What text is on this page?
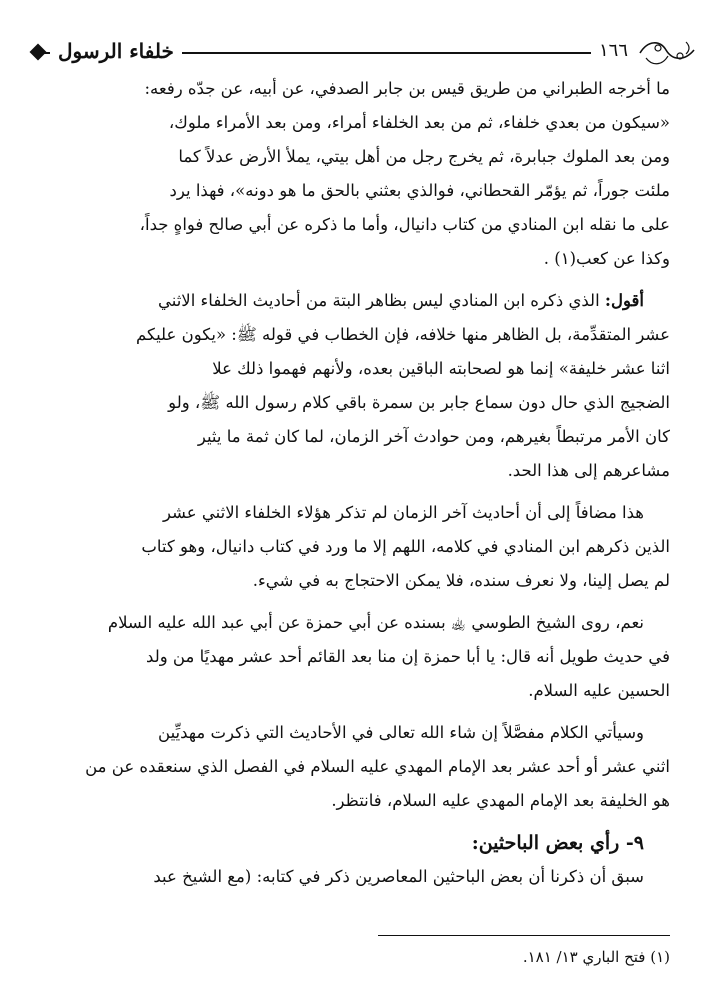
خلفاء الرسول	١٦٦

ما أخرجه الطبراني من طريق قيس بن جابر الصدفي، عن أبيه، عن جدّه رفعه:
«سيكون من بعدي خلفاء، ثم من بعد الخلفاء أمراء، ومن بعد الأمراء ملوك،
ومن بعد الملوك جبابرة، ثم يخرج رجل من أهل بيتي، يملأ الأرض عدلاً كما
ملئت جوراً، ثم يؤمّر القحطاني، فوالذي بعثني بالحق ما هو دونه»، فهذا يرد
على ما نقله ابن المنادي من كتاب دانيال، وأما ما ذكره عن أبي صالح فواهٍ جداً،
وكذا عن كعب(١) .

أقول: الذي ذكره ابن المنادي ليس بظاهر البتة من أحاديث الخلفاء الاثني
عشر المتقدِّمة، بل الظاهر منها خلافه، فإن الخطاب في قوله ﷺ: «يكون عليكم
اثنا عشر خليفة» إنما هو لصحابته الباقين بعده، ولأنهم فهموا ذلك علا
الضجيج الذي حال دون سماع جابر بن سمرة باقي كلام رسول الله ﷺ، ولو
كان الأمر مرتبطاً بغيرهم، ومن حوادث آخر الزمان، لما كان ثمة ما يثير
مشاعرهم إلى هذا الحد.

هذا مضافاً إلى أن أحاديث آخر الزمان لم تذكر هؤلاء الخلفاء الاثني عشر
الذين ذكرهم ابن المنادي في كلامه، اللهم إلا ما ورد في كتاب دانيال، وهو كتاب
لم يصل إلينا، ولا نعرف سنده، فلا يمكن الاحتجاج به في شيء.

نعم، روى الشيخ الطوسي ﵀ بسنده عن أبي حمزة عن أبي عبد الله عليه السلام
في حديث طويل أنه قال: يا أبا حمزة إن منا بعد القائم أحد عشر مهديًا من ولد
الحسين عليه السلام.

وسيأتي الكلام مفصَّلاً إن شاء الله تعالى في الأحاديث التي ذكرت مهديِّين
اثني عشر أو أحد عشر بعد الإمام المهدي عليه السلام في الفصل الذي سنعقده عن من
هو الخليفة بعد الإمام المهدي عليه السلام، فانتظر.

٩- رأي بعض الباحثين:

سبق أن ذكرنا أن بعض الباحثين المعاصرين ذكر في كتابه: (مع الشيخ عبد

(١) فتح الباري ١٣/ ١٨١.
